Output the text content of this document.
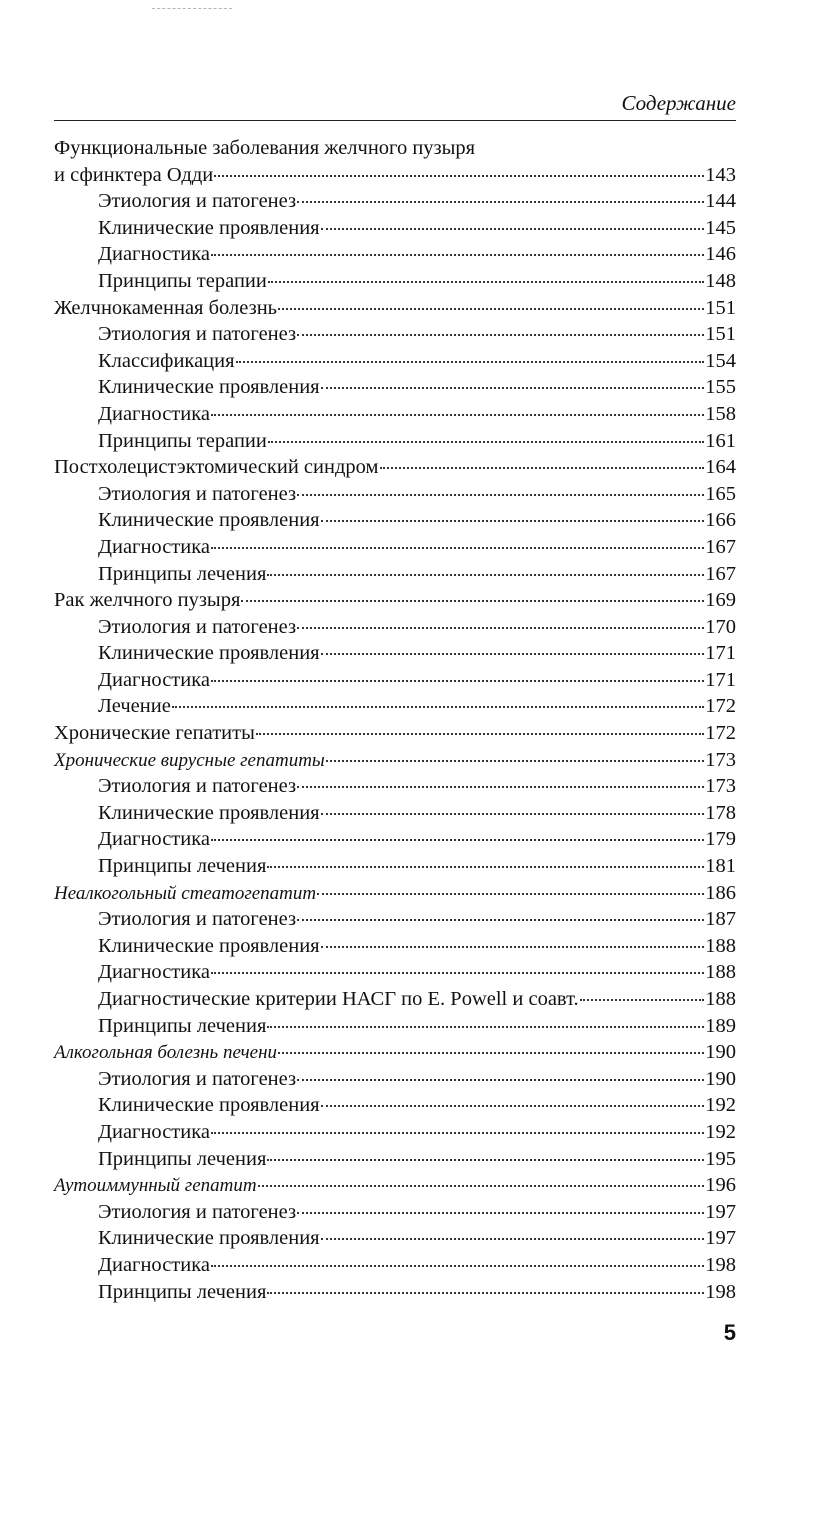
Содержание
Функциональные заболевания желчного пузыря
и сфинктера Одди	143
Этиология и патогенез	144
Клинические проявления	145
Диагностика	146
Принципы терапии	148
Желчнокаменная болезнь	151
Этиология и патогенез	151
Классификация	154
Клинические проявления	155
Диагностика	158
Принципы терапии	161
Постхолецистэктомический синдром	164
Этиология и патогенез	165
Клинические проявления	166
Диагностика	167
Принципы лечения	167
Рак желчного пузыря	169
Этиология и патогенез	170
Клинические проявления	171
Диагностика	171
Лечение	172
Хронические гепатиты	172
Хронические вирусные гепатиты	173
Этиология и патогенез	173
Клинические проявления	178
Диагностика	179
Принципы лечения	181
Неалкогольный стеатогепатит	186
Этиология и патогенез	187
Клинические проявления	188
Диагностика	188
Диагностические критерии НАСГ по E. Powell и соавт.	188
Принципы лечения	189
Алкогольная болезнь печени	190
Этиология и патогенез	190
Клинические проявления	192
Диагностика	192
Принципы лечения	195
Аутоиммунный гепатит	196
Этиология и патогенез	197
Клинические проявления	197
Диагностика	198
Принципы лечения	198
5
